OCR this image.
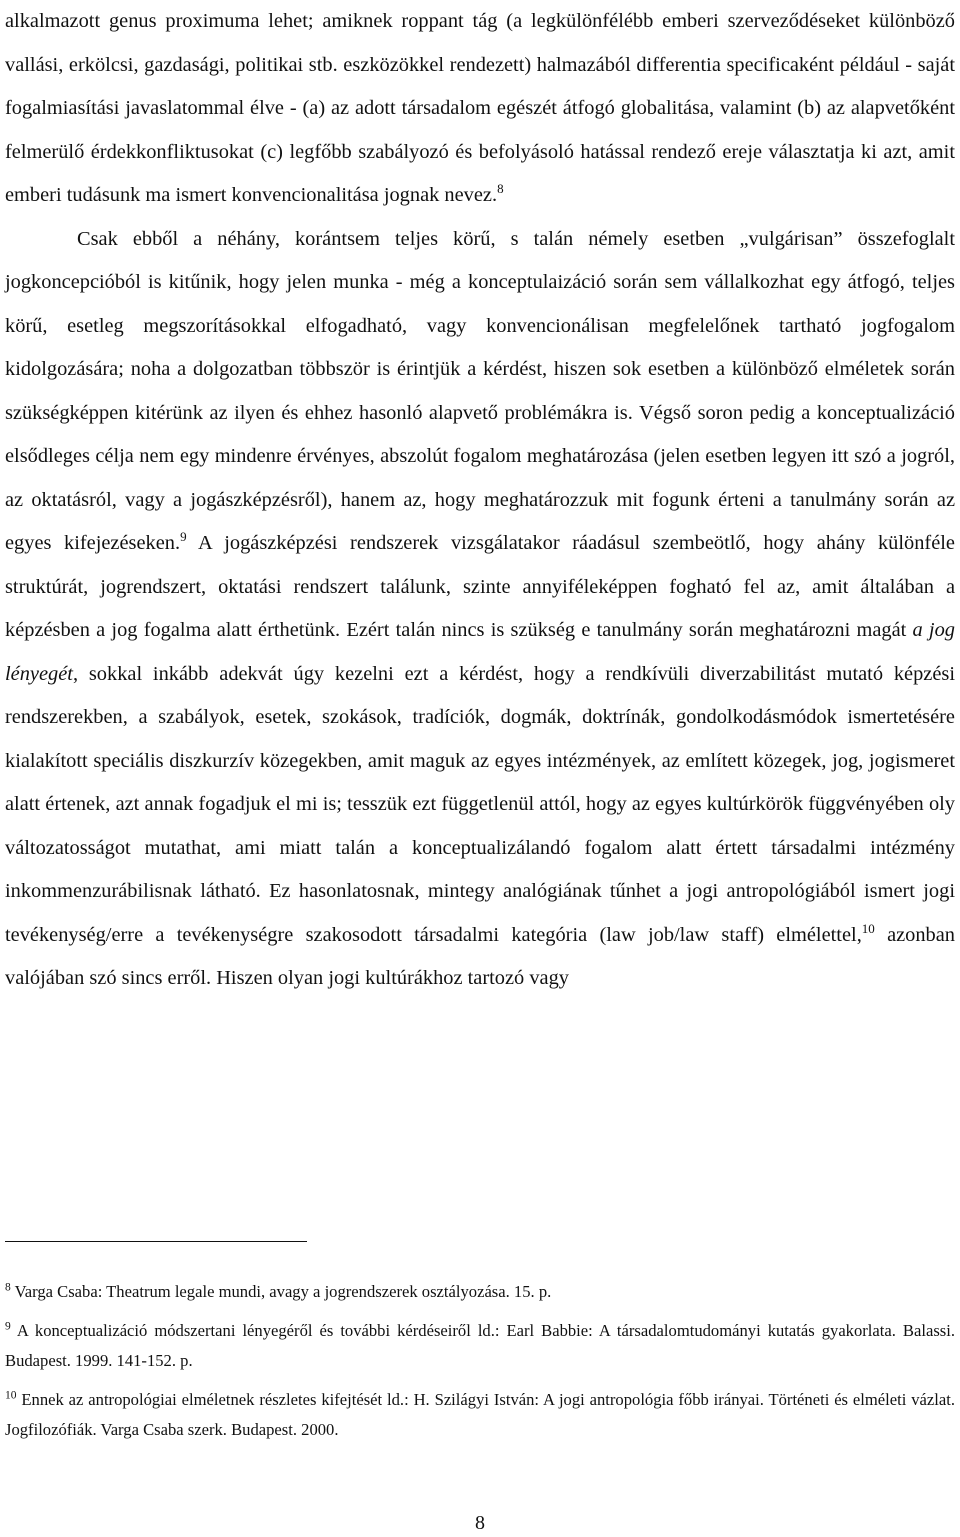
alkalmazott genus proximuma lehet; amiknek roppant tág (a legkülönfélébb emberi szerveződéseket különböző vallási, erkölcsi, gazdasági, politikai stb. eszközökkel rendezett) halmazából differentia specificaként például - saját fogalmiasítási javaslatommal élve - (a) az adott társadalom egészét átfogó globalitása, valamint (b) az alapvetőként felmerülő érdekkonfliktusokat (c) legfőbb szabályozó és befolyásoló hatással rendező ereje választatja ki azt, amit emberi tudásunk ma ismert konvencionalitása jognak nevez.$^8$

Csak ebből a néhány, korántsem teljes körű, s talán némely esetben „vulgárisan” összefoglalt jogkoncepcióból is kitűnik, hogy jelen munka - még a konceptulaizáció során sem vállalkozhat egy átfogó, teljes körű, esetleg megszorításokkal elfogadható, vagy konvencionálisan megfelelőnek tartható jogfogalom kidolgozására; noha a dolgozatban többször is érintjük a kérdést, hiszen sok esetben a különböző elméletek során szükségképpen kitérünk az ilyen és ehhez hasonló alapvető problémákra is. Végső soron pedig a konceptualizáció elsődleges célja nem egy mindenre érvényes, abszolút fogalom meghatározása (jelen esetben legyen itt szó a jogról, az oktatásról, vagy a jogászképzésről), hanem az, hogy meghatározzuk mit fogunk érteni a tanulmány során az egyes kifejezéseken.$^9$ A jogászképzési rendszerek vizsgálatakor ráadásul szembeötlő, hogy ahány különféle struktúrát, jogrendszert, oktatási rendszert találunk, szinte annyiféleképpen fogható fel az, amit általában a képzésben a jog fogalma alatt érthetünk. Ezért talán nincs is szükség e tanulmány során meghatározni magát a jog lényegét, sokkal inkább adekvát úgy kezelni ezt a kérdést, hogy a rendkívüli diverzabilitást mutató képzési rendszerekben, a szabályok, esetek, szokások, tradíciók, dogmák, doktrínák, gondolkodásmódok ismertetésére kialakított speciális diszkurzív közegekben, amit maguk az egyes intézmények, az említett közegek, jog, jogismeret alatt értenek, azt annak fogadjuk el mi is; tesszük ezt függetlenül attól, hogy az egyes kultúrkörök függvényében oly változatosságot mutathat, ami miatt talán a konceptualizálandó fogalom alatt értett társadalmi intézmény inkommenzurábilisnak látható. Ez hasonlatosnak, mintegy analógiának tűnhet a jogi antropológiából ismert jogi tevékenység/erre a tevékenységre szakosodott társadalmi kategória (law job/law staff) elmélettel,$^{10}$ azonban valójában szó sincs erről. Hiszen olyan jogi kultúrákhoz tartozó vagy

$^8$ Varga Csaba: Theatrum legale mundi, avagy a jogrendszerek osztályozása. 15. p.

$^9$ A konceptualizáció módszertani lényegéről és további kérdéseiről ld.: Earl Babbie: A társadalomtudományi kutatás gyakorlata. Balassi. Budapest. 1999. 141-152. p.

$^{10}$ Ennek az antropológiai elméletnek részletes kifejtését ld.: H. Szilágyi István: A jogi antropológia főbb irányai. Történeti és elméleti vázlat. Jogfilozófiák. Varga Csaba szerk. Budapest. 2000.

8
